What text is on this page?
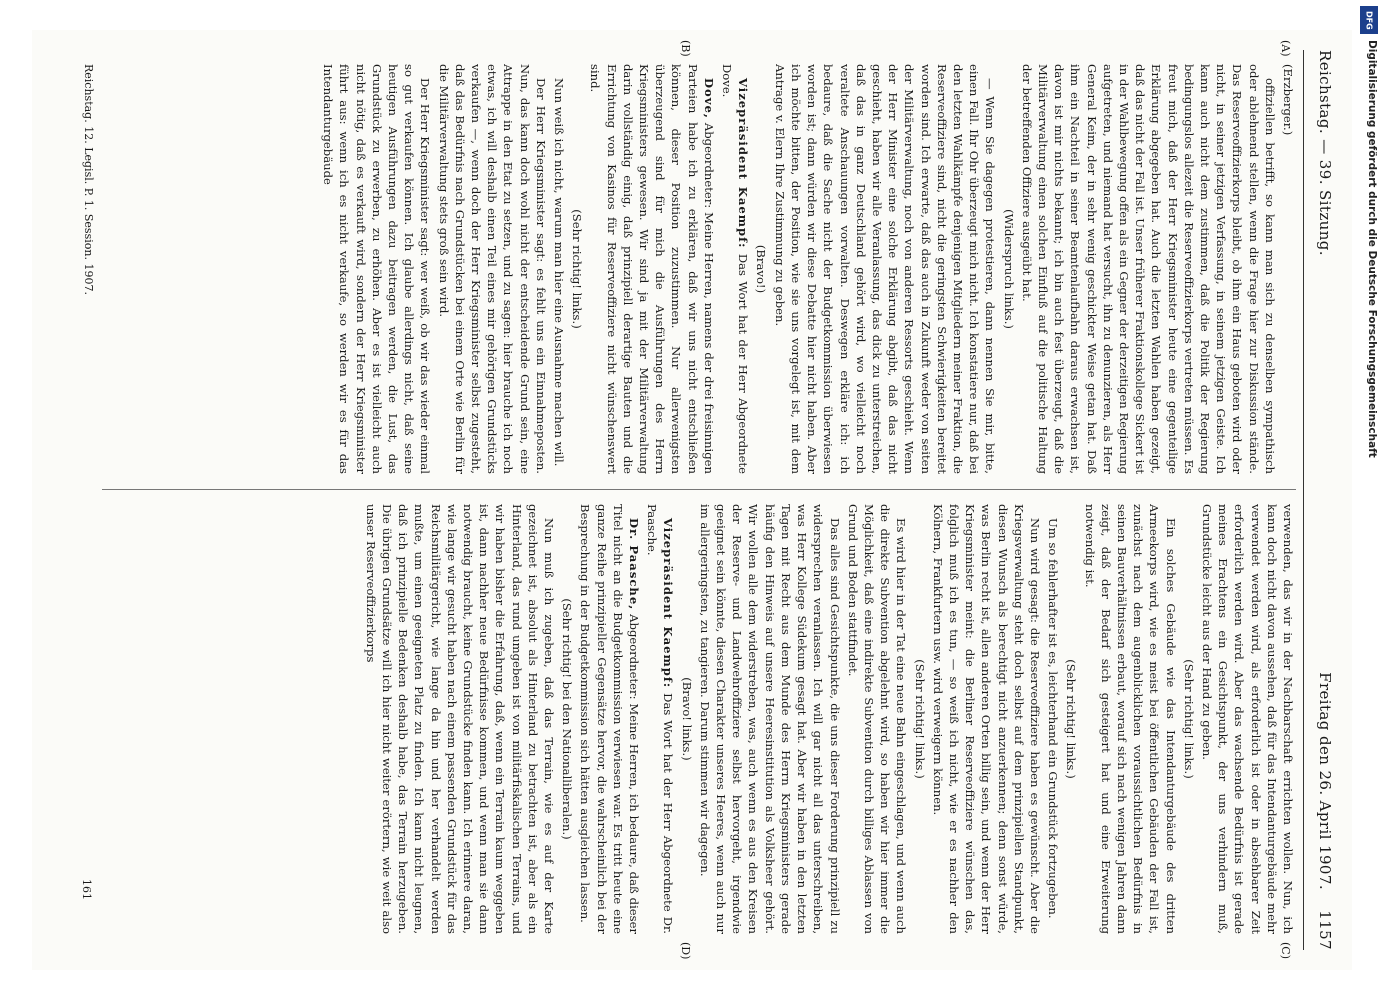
Reichstag. — 39. Sitzung.
Freitag den 26. April 1907.
1157
(A)
(B)
(C)
(D)

(Erzberger.)

offiziellen betrifft, so kann man sich zu denselben sympathisch oder ablehnend stellen, wenn die Frage hier zur Diskussion stände. Das Reserveoffizierkorps bleibt, ob ihm ein Haus geboten wird oder nicht, in seiner jetzigen Verfassung, in seinem jetzigen Geiste. Ich kann auch nicht dem zustimmen, daß die Politik der Regierung bedingungslos allezeit die Reserveoffizierkorps vertreten müssen. Es freut mich, daß der Herr Kriegsminister heute eine gegenteilige Erklärung abgegeben hat. Auch die letzten Wahlen haben gezeigt, daß das nicht der Fall ist. Unser früherer Fraktionskollege Sickert ist in der Wahlbewegung offen als ein Gegner der derzeitigen Regierung aufgetreten, und niemand hat versucht, ihn zu denunzieren, als Herr General Keim, der in sehr wenig geschickter Weise getan hat. Daß ihm ein Nachteil in seiner Beamtenlaufbahn daraus erwachsen ist, davon ist mir nichts bekannt; ich bin auch fest überzeugt, daß die Militärverwaltung einen solchen Einfluß auf die politische Haltung der betreffenden Offiziere ausgeübt hat.

(Widerspruch links.)

— Wenn Sie dagegen protestieren, dann nennen Sie mir, bitte, einen Fall. Ihr Ohr überzeugt mich nicht. Ich konstatiere nur, daß bei den letzten Wahlkämpfe denjenigen Mitgliedern meiner Fraktion, die Reserveoffiziere sind, nicht die geringsten Schwierigkeiten bereitet worden sind. Ich erwarte, daß das auch in Zukunft weder von seiten der Militärverwaltung, noch von anderen Ressorts geschieht. Wenn der Herr Minister eine solche Erklärung abgibt, daß das nicht geschieht, haben wir alle Veranlassung, das dick zu unterstreichen, daß das in ganz Deutschland gehört wird, wo vielleicht noch veraltete Anschauungen vorwalten. Deswegen erkläre ich: ich bedaure, daß die Sache nicht der Budgetkommission überwiesen worden ist; dann würden wir diese Debatte hier nicht haben. Aber ich möchte bitten, der Position, wie sie uns vorgelegt ist, mit dem Antrage v. Elern Ihre Zustimmung zu geben.

(Bravo!)

Vizepräsident Kaempf: Das Wort hat der Herr Abgeordnete Dove.

Dove, Abgeordneter: Meine Herren, namens der drei freisinnigen Parteien habe ich zu erklären, daß wir uns nicht entschließen können, dieser Position zuzustimmen. Nur allerwenigsten überzeugend sind für mich die Ausführungen des Herrn Kriegsministers gewesen. Wir sind ja mit der Militärverwaltung darin vollständig einig, daß prinzipiell derartige Bauten und die Errichtung von Kasinos für Reserveoffiziere nicht wünschenswert sind.

(Sehr richtig! links.)

Nun weiß ich nicht, warum man hier eine Ausnahme machen will.

Der Herr Kriegsminister sagt: es fehlt uns ein Einnahmeposten. Nun, das kann doch wohl nicht der entscheidende Grund sein, eine Attrappe in den Etat zu setzen, und zu sagen: hier brauche ich noch etwas, ich will deshalb einen Teil eines mir gehörigen Grundstücks verkaufen —, wenn doch der Herr Kriegsminister selbst zugesteht, daß das Bedürfnis nach Grundstücken bei einem Orte wie Berlin für die Militärverwaltung stets groß sein wird.

Der Herr Kriegsminister sagt: wer weiß, ob wir das wieder einmal so gut verkaufen können. Ich glaube allerdings nicht, daß seine heutigen Ausführungen dazu beitragen werden, die Lust, das Grundstück zu erwerben, zu erhöhen. Aber es ist vielleicht auch nicht nötig, daß es verkauft wird, sondern der Herr Kriegsminister führt aus: wenn ich es nicht verkaufe, so werden wir es für das Intendanturgebäude

verwenden, das wir in der Nachbarschaft errichten wollen. Nun, ich kann doch nicht davon aussehen, daß für das Intendanturgebäude mehr verwendet werden wird, als erforderlich ist oder in absehbarer Zeit erforderlich werden wird. Aber das wachsende Bedürfnis ist gerade meines Erachtens ein Gesichtspunkt, der uns verhindern muß, Grundstücke leicht aus der Hand zu geben.

(Sehr richtig! links.)

Ein solches Gebäude wie das Intendanturgebäude des dritten Armeekorps wird, wie es meist bei öffentlichen Gebäuden der Fall ist, zunächst nach dem augenblicklichen voraussichtlichen Bedürfnis in seinen Bauverhältnissen erbaut, worauf sich nach wenigen Jahren dann zeigt, daß der Bedarf sich gesteigert hat und eine Erweiterung notwendig ist.

(Sehr richtig! links.)

Um so fehlerhafter ist es, leichterhand ein Grundstück fortzugeben.

Nun wird gesagt: die Reserveoffiziere haben es gewünscht. Aber die Kriegsverwaltung steht doch selbst auf dem prinzipiellen Standpunkt, diesen Wunsch als berechtigt nicht anzuerkennen; denn sonst würde, was Berlin recht ist, allen anderen Orten billig sein, und wenn der Herr Kriegsminister meint: die Berliner Reserveoffiziere wünschen das, folglich muß ich es tun, — so weiß ich nicht, wie er es nachher den Kölnern, Frankfurtern usw. wird verweigern können.

(Sehr richtig! links.)

Es wird hier in der Tat eine neue Bahn eingeschlagen, und wenn auch die direkte Subvention abgelehnt wird, so haben wir hier immer die Möglichkeit, daß eine indirekte Subvention durch billiges Ablassen von Grund und Boden stattfindet.

Das alles sind Gesichtspunkte, die uns dieser Forderung prinzipiell zu widersprechen veranlassen. Ich will gar nicht all das unterschreiben, was Herr Kollege Südekum gesagt hat. Aber wir haben in den letzten Tagen mit Recht aus dem Munde des Herrn Kriegsministers gerade häufig den Hinweis auf unsere Heeresinstitution als Volksheer gehört. Wir wollen alle dem widerstreben, was, auch wenn es aus den Kreisen der Reserve- und Landwehroffiziere selbst hervorgeht, irgendwie geeignet sein könnte, diesen Charakter unseres Heeres, wenn auch nur im allergeringsten, zu tangieren. Darum stimmen wir dagegen.

(Bravo! links.)

Vizepräsident Kaempf: Das Wort hat der Herr Abgeordnete Dr. Paasche.

Dr. Paasche, Abgeordneter: Meine Herren, ich bedaure, daß dieser Titel nicht an die Budgetkommission verwiesen war. Es tritt heute eine ganze Reihe prinzipieller Gegensätze hervor, die wahrscheinlich bei der Besprechung in der Budgetkommission sich hätten ausgleichen lassen.

(Sehr richtig! bei den Nationalliberalen.)

Nun muß ich zugeben, daß das Terrain, wie es auf der Karte gezeichnet ist, absolut als Hinterland zu betrachten ist, aber als ein Hinterland, das rund umgeben ist von militärfiskalischen Terrains, und wir haben bisher die Erfahrung, daß, wenn ein Terrain kaum weggeben ist, dann nachher neue Bedürfnisse kommen, und wenn man sie dann notwendig braucht, keine Grundstücke finden kann. Ich erinnere daran, wie lange wir gesucht haben nach einem passenden Grundstück für das Reichsmilitärgericht, wie lange da hin und her verhandelt werden mußte, um einen geeigneten Platz zu finden. Ich kann nicht leugnen, daß ich prinzipielle Bedenken deshalb habe, das Terrain herzugeben. Die übrigen Grundsätze will ich hier nicht weiter erörtern, wie weit also unser Reserveoffizierkorps

Reichstag. 12. Legisl. P. 1. Session. 1907.
161
DFG
Digitalisierung gefördert durch die Deutsche Forschungsgemeinschaft
